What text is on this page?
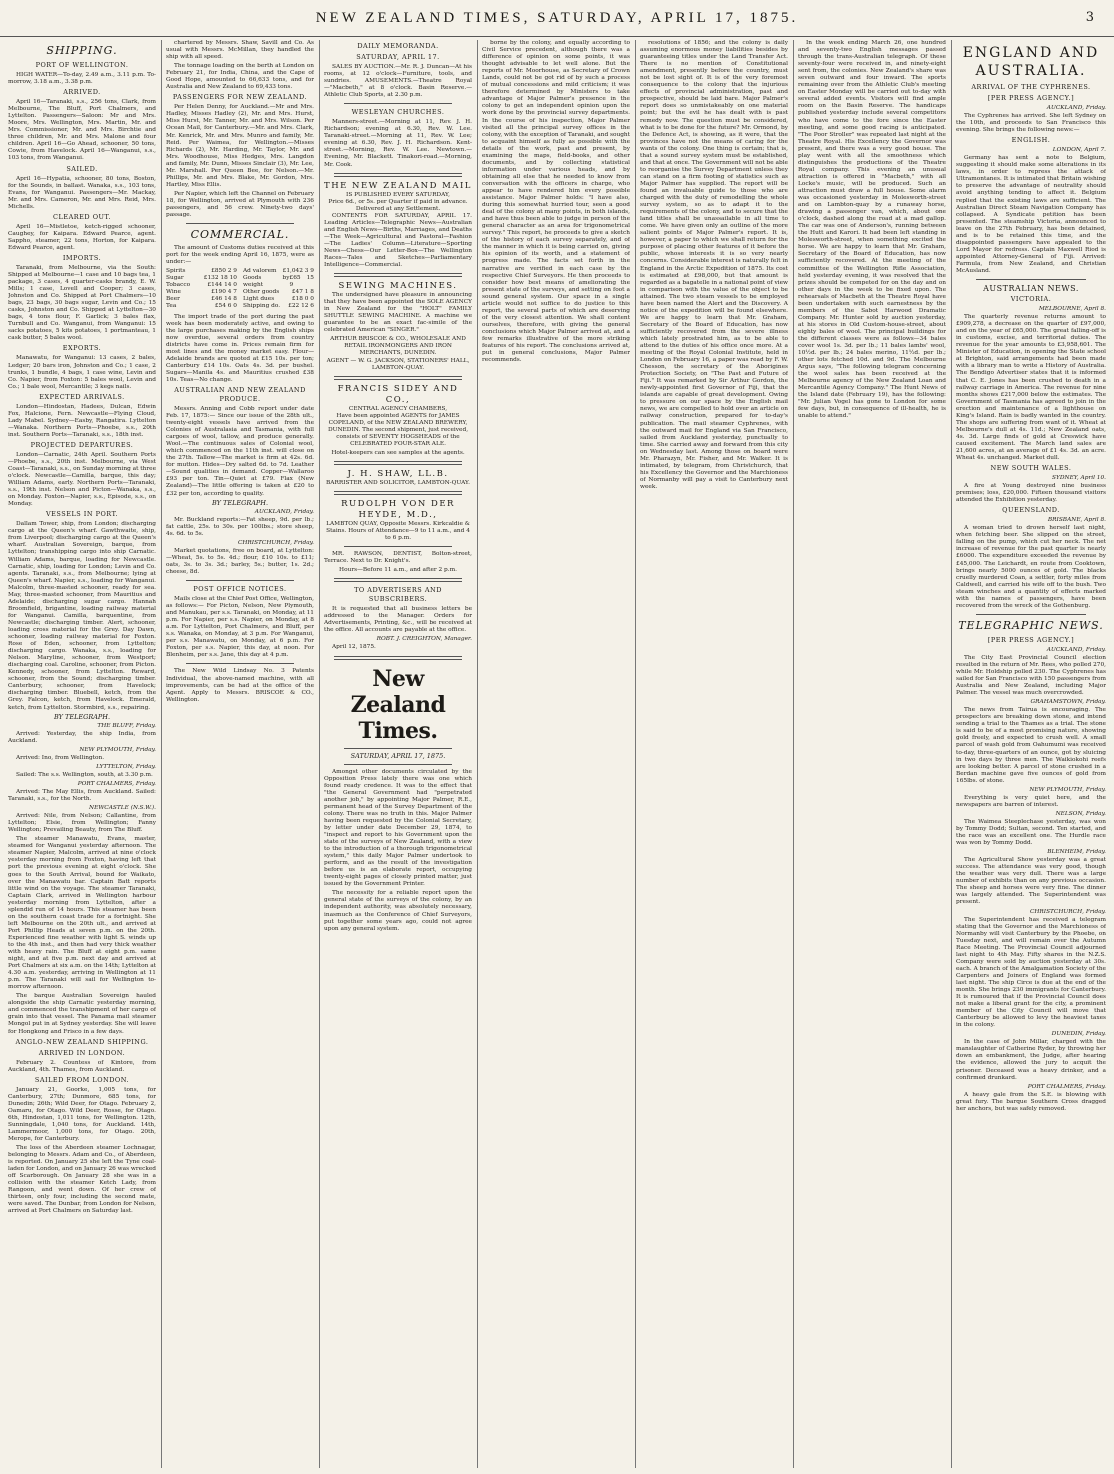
NEW ZEALAND TIMES, SATURDAY, APRIL 17, 1875.	3
SHIPPING.
PORT OF WELLINGTON.

HIGH WATER—To-day, 2.49 a.m., 3.11 p.m. To-morrow, 3.18 a.m., 3.38 p.m.

ARRIVED.

April 16—Taranaki, s.s., 256 tons, Clark, from Melbourne, The Bluff, Port Chalmers, and Lyttelton. Passengers—Saloon: Mr and Mrs. Moore, Mrs. Wellington, Mrs. Martin, Mr. and Mrs. Commissioner, Mr. and Mrs. Birchtie and three children, Mr. and Mrs. Malone and four children. April 16—Go Ahead, schooner, 50 tons, Cowie, from Havelock. April 16—Wanganui, s.s., 103 tons, from Wanganui.

SAILED.

April 16—Hypatia, schooner, 80 tons, Boston, for the Sounds, in ballast. Wanaka, s.s., 103 tons, Evans, for Wanganui. Passengers—Mr. Mackay, Mr. and Mrs. Cameron, Mr. and Mrs. Reid, Mrs. Michells.

CLEARED OUT.

April 16—Mistletoe, ketch-rigged schooner, Caughey, for Kaipara. Edward Pearce, agent. Sappho, steamer, 22 tons, Horton, for Kaipara. Edward Pearce, agent.

IMPORTS.

Taranaki, from Melbourne, via the South: Shipped at Melbourne—1 case and 10 bags tea, 1 package, 3 cases, 4 quarter-casks brandy, E. W. Mills; 1 case, Lovell and Cooper; 3 cases, Johnston and Co. Shipped at Port Chalmers—10 bags, 23 bags, 30 bags sugar, Levin and Co.; 15 casks, Johnston and Co. Shipped at Lyttelton—30 bags, 4 tons flour, F. Garlick; 3 bales flax, Turnbull and Co. Wanganui, from Wanganui: 15 sacks potatoes, 5 kits potatoes, 1 portmanteau, 1 cask butter, 5 bales wool.

EXPORTS.

Manawatu, for Wanganui: 13 cases, 2 bales, Ledger; 20 bars iron, Johnston and Co.; 1 case, 2 trunks, 1 bundle, 4 bags, 1 case wine, Levin and Co. Napier, from Foxton: 5 bales wool, Levin and Co.; 1 bale wool, Mercantile; 3 kegs nails.

EXPECTED ARRIVALS.

London—Hindostan, Hadees, Dulcan, Edwin Fox, Halcione, Fern. Newcastle—Flying Cloud, Lady Mabel. Sydney—Easby, Rangatira. Lyttelton—Wanaka. Northern Ports—Phoebe, s.s., 20th inst. Southern Ports—Taranaki, s.s., 18th inst.

PROJECTED DEPARTURES.

London—Carnatic, 24th April. Southern Ports—Phoebe, s.s., 20th inst. Melbourne, via West Coast—Taranaki, s.s., on Sunday morning at three o'clock. Newcastle—Camilla, barque, this day; William Adams, early. Northern Ports—Taranaki, s.s., 19th inst. Nelson and Picton—Wanaka, s.s., on Monday. Foxton—Napier, s.s., Episode, s.s., on Monday.

VESSELS IN PORT.

Dallam Tower, ship, from London; discharging cargo at the Queen's wharf. Gawthwaite, ship, from Liverpool; discharging cargo at the Queen's wharf. Australian Sovereign, barque, from Lyttelton; transhipping cargo into ship Carnatic. William Adams, barque, loading for Newcastle. Carnatic, ship, loading for London; Levin and Co. agents. Taranaki, s.s., from Melbourne; lying at Queen's wharf. Napier, s.s., loading for Wanganui. Malcolm, three-masted schooner, ready for sea. May, three-masted schooner, from Mauritius and Adelaide; discharging sugar cargo. Hannah Broomfield, brigantine, loading railway material for Wanganui. Camilla, barquentine, from Newcastle; discharging timber. Alert, schooner, loading cross material for the Grey. Day Dawn, schooner, loading railway material for Foxton. Rose of Eden, schooner, from Lyttelton; discharging cargo. Wanaka, s.s., loading for Nelson. Maryline, schooner, from Westport; discharging coal. Caroline, schooner, from Picton. Kennedy, schooner, from Lyttelton. Reward, schooner, from the Sound; discharging timber. Canterbury, schooner, from Havelock; discharging timber. Bluebell, ketch, from the Grey. Falcon, ketch, from Havelock. Emerald, ketch, from Lyttelton. Stormbird, s.s., repairing.

BY TELEGRAPH.
THE BLUFF, Friday.

Arrived: Yesterday, the ship India, from Auckland.

NEW PLYMOUTH, Friday.

Arrived: Ino, from Wellington.

LYTTELTON, Friday.

Sailed: The s.s. Wellington, south, at 3.30 p.m.

PORT CHALMERS, Friday.

Arrived: The May Ellis, from Auckland. Sailed: Taranaki, s.s., for the North.

NEWCASTLE (N.S.W.).

Arrived: Nile, from Nelson; Callantine, from Lyttelton; Elsie, from Wellington; Fanny Wellington; Prevailing Beauty, from The Bluff.

The steamer Manawatu, Evans, master, steamed for Wanganui yesterday afternoon. The steamer Napier, Malcolm, arrived at nine o'clock yesterday morning from Foxton, having left that port the previous evening at eight o'clock. She goes to the South Arrival, bound for Waikato, over the Manawatu bar. Captain Batt reports little wind on the voyage. The steamer Taranaki, Captain Clark, arrived in Wellington harbour yesterday morning from Lyttelton, after a splendid run of 14 hours. This steamer has been on the southern coast trade for a fortnight. She left Melbourne on the 20th ult., and arrived at Port Phillip Heads at seven p.m. on the 20th. Experienced fine weather with light S. winds up to the 4th inst., and then had very thick weather with heavy rain. The Bluff at eight p.m. same night, and at five p.m. next day and arrived at Port Chalmers at six a.m. on the 14th; Lyttelton at 4.30 a.m. yesterday, arriving in Wellington at 11 p.m. The Taranaki will sail for Wellington to-morrow afternoon.

The barque Australian Sovereign hauled alongside the ship Carnatic yesterday morning, and commenced the transhipment of her cargo of grain into that vessel. The Panama mail steamer Mongol put in at Sydney yesterday. She will leave for Hongkong and Frisco in a few days.

ANGLO-NEW ZEALAND SHIPPING.
ARRIVED IN LONDON.

February 2. Countess of Kintore, from Auckland, 4th. Thames, from Auckland.

SAILED FROM LONDON.

January 21, Goorke, 1,005 tons, for Canterbury, 27th; Dunmore, 685 tons, for Dunedin; 26th; Wild Deer, for Otago. February 2, Oamaru, for Otago. Wild Deer, Rosse, for Otago. 6th, Hindostan, 1,011 tons, for Wellington. 12th, Sunningdale, 1,040 tons, for Auckland. 14th, Lammermoor, 1,000 tons, for Otago. 20th, Merope, for Canterbury.

The loss of the Aberdeen steamer Lochnagar, belonging to Messrs. Adam and Co., of Aberdeen, is reported. On January 25 she left the Tyne coal-laden for London, and on January 26 was wrecked off Scarborough. On January 28 she was in a collision with the steamer Ketch Lady, from Rangoon, and went down. Of her crew of thirteen, only four, including the second mate, were saved. The Dunbar, from London for Nelson, arrived at Port Chalmers on Saturday last.

chartered by Messrs. Shaw, Savill and Co. As usual with Messrs. McMillan, they handled the ship with all speed.

The tonnage loading on the berth at London on February 21, for India, China, and the Cape of Good Hope, amounted to 66,633 tons, and for Australia and New Zealand to 69,433 tons.

PASSENGERS FOR NEW ZEALAND.

Per Helen Denny, for Auckland.—Mr and Mrs. Hadley, Misses Hadley (2), Mr. and Mrs. Hurst, Miss Hurst, Mr. Tanner, Mr. and Mrs. Wilson. Per Ocean Mail, for Canterbury.—Mr. and Mrs. Clark, Mr. Kenrick, Mr. and Mrs. Munro and family, Mr. Reid. Per Waimea, for Wellington.—Misses Richards (2), Mr. Harding, Mr. Taylor, Mr. and Mrs. Woodhouse, Miss Hedges, Mrs. Langdon and family, Mr. Dunn, Misses Sinclair (3), Mr. Lee, Mr. Marshall. Per Queen Bee, for Nelson.—Mr. Phillips, Mr. and Mrs. Blake, Mr. Gordon, Mrs. Hartley, Miss Ellis.

Per Napier, which left the Channel on February 18, for Wellington, arrived at Plymouth with 236 passengers, and 56 crew. Ninety-two days' passage.

COMMERCIAL.

The amount of Customs duties received at this port for the week ending April 16, 1875, were as under:—

Spirits	£850 2 9
Sugar	£132 18 10
Tobacco	£144 14 0
Wine	£190 4 7
Beer	£46 14 8
Tea	£54 6 0
Ad valorem £1,042 3 9
Goods by weight
£65 15 9
Other goods £47 1 8
Light dues	£18 0 0
Shipping do. £22 12 6

The import trade of the port during the past week has been moderately active, and owing to the large purchases making by the English ships now overdue, several orders from country districts have come in. Prices remain firm for most lines and the money market easy. Flour—Adelaide brands are quoted at £15 10s. per ton; Canterbury £14 10s. Oats 4s. 3d. per bushel. Sugars—Manila 4s. and Mauritius crushed £38 10s. Teas—No change.

AUSTRALIAN AND NEW ZEALAND PRODUCE.

Messrs. Anning and Cobb report under date Feb. 17, 1875:— Since our issue of the 28th ult., twenty-eight vessels have arrived from the Colonies of Australasia and Tasmania, with full cargoes of wool, tallow, and produce generally. Wool.—The continuous sales of Colonial wool, which commenced on the 11th inst. will close on the 27th. Tallow—The market is firm at 42s. 6d. for mutton. Hides—Dry salted 6d. to 7d. Leather—Sound qualities in demand. Copper—Wallaroo £93 per ton. Tin—Quiet at £79. Flax (New Zealand)—The little offering is taken at £20 to £32 per ton, according to quality.

BY TELEGRAPH.
AUCKLAND, Friday.

Mr. Buckland reports:—Fat sheep, 9d. per lb.; fat cattle, 25s. to 30s. per 100lbs.; store sheep, 4s. 6d. to 5s.

CHRISTCHURCH, Friday.

Market quotations, free on board, at Lyttelton:—Wheat, 5s. to 5s. 4d.; flour, £10 10s. to £11; oats, 3s. to 3s. 3d.; barley, 5s.; butter, 1s. 2d.; cheese, 8d.

POST OFFICE NOTICES.

Mails close at the Chief Post Office, Wellington, as follows:— For Picton, Nelson, New Plymouth, and Manukau, per s.s. Taranaki, on Monday, at 11 p.m. For Napier, per s.s. Napier, on Monday, at 8 a.m. For Lyttelton, Port Chalmers, and Bluff, per s.s. Wanaka, on Monday, at 3 p.m. For Wanganui, per s.s. Manawatu, on Monday, at 6 p.m. For Foxton, per s.s. Napier, this day, at noon. For Blenheim, per s.s. Jane, this day at 4 p.m.

The New Wild Lindsay No. 3 Patents Individual, the above-named machine, with all improvements, can be had at the office of the Agent. Apply to Messrs. BRISCOE & CO., Wellington.

DAILY MEMORANDA.
SATURDAY, APRIL 17.

SALES BY AUCTION.—Mr. R. J. Duncan—At his rooms, at 12 o'clock—Furniture, tools, and sundries. AMUSEMENTS.—Theatre Royal—"Macbeth," at 8 o'clock. Basin Reserve.—Athletic Club Sports, at 2.30 p.m.

WESLEYAN CHURCHES.

Manners-street.—Morning at 11, Rev. J. H. Richardson; evening at 6.30, Rev. W. Lee. Taranaki-street.—Morning at 11, Rev. W. Lee; evening at 6.30, Rev. J. H. Richardson. Kent-street.—Morning, Rev. W. Lee. Newtown.—Evening, Mr. Blackett. Tinakori-road.—Morning, Mr. Cook.

THE NEW ZEALAND MAIL
IS PUBLISHED EVERY SATURDAY,
Price 6d., or 5s. per Quarter if paid in advance.
Delivered at any Settlement.

CONTENTS FOR SATURDAY, APRIL 17. Leading Articles—Telegraphic News—Australian and English News—Births, Marriages, and Deaths—The Week—Agricultural and Pastoral—Fashion—The Ladies' Column—Literature—Sporting News—Chess—Our Letter-Box—The Wellington Races—Tales and Sketches—Parliamentary Intelligence—Commercial.

SEWING MACHINES.

The undersigned have pleasure in announcing that they have been appointed the SOLE AGENCY in New Zealand for the "HOLT" FAMILY SHUTTLE SEWING MACHINE. A machine we guarantee to be an exact fac-simile of the celebrated American "SINGER."

ARTHUR BRISCOE & CO., WHOLESALE AND RETAIL IRONMONGERS AND IRON MERCHANTS, DUNEDIN.
AGENT — W. G. JACKSON, STATIONERS' HALL, LAMBTON-QUAY.
FRANCIS SIDEY AND CO.,
CENTRAL AGENCY CHAMBERS,

Have been appointed AGENTS for JAMES COPELAND, of the NEW ZEALAND BREWERY, DUNEDIN. The second shipment, just received, consists of SEVENTY HOGSHEADS of the CELEBRATED FOUR-STAR ALE.

Hotel-keepers can see samples at the agents.
J. H. SHAW, LL.B.
BARRISTER AND SOLICITOR, LAMBTON-QUAY.
RUDOLPH VON DER HEYDE, M.D.,
LAMBTON QUAY, Opposite Messrs. Kirkcaldie & Stains. Hours of Attendance—9 to 11 a.m., and 4 to 6 p.m.

MR. RAWSON, DENTIST, Bolton-street, Terrace. Next to Dr. Knight's.

Hours—Before 11 a.m., and after 2 p.m.
TO ADVERTISERS AND SUBSCRIBERS.

It is requested that all business letters be addressed to the Manager. Orders for Advertisements, Printing, &c., will be received at the office. All accounts are payable at the office.

ROBT. J. CREIGHTON, Manager.

April 12, 1875.

New Zealand Times.
SATURDAY, APRIL 17, 1875.

Amongst other documents circulated by the Opposition Press lately there was one which found ready credence. It was to the effect that "the General Government had "perpetrated another job," by appointing Major Palmer, R.E., permanent head of the Survey Department of the colony. There was no truth in this. Major Palmer having been requested by the Colonial Secretary, by letter under date December 29, 1874, to "inspect and report to his Government upon the state of the surveys of New Zealand, with a view to the introduction of a thorough trigonometrical system," this daily Major Palmer undertook to perform, and as the result of the investigation before us is an elaborate report, occupying twenty-eight pages of closely printed matter, just issued by the Government Printer.

The necessity for a reliable report upon the general state of the surveys of the colony, by an independent authority, was absolutely necessary, inasmuch as the Conference of Chief Surveyors, put together some years ago, could not agree upon any general system.

borne by the colony, and equally according to Civil Service precedent, although there was a difference of opinion on some points, it was thought advisable to let well alone. But the reports of Mr. Moorhouse, as Secretary of Crown Lands, could not be got rid of by such a process of mutual concessions and mild criticism; it was therefore determined by Ministers to take advantage of Major Palmer's presence in the colony to get an independent opinion upon the work done by the provincial survey departments. In the course of his inspection, Major Palmer visited all the principal survey offices in the colony, with the exception of Taranaki, and sought to acquaint himself as fully as possible with the details of the work, past and present, by examining the maps, field-books, and other documents, and by collecting statistical information under various heads, and by obtaining all else that he needed to know from conversation with the officers in charge, who appear to have rendered him every possible assistance. Major Palmer holds: "I have also, during this somewhat hurried tour, seen a good deal of the colony at many points, in both islands, and have thus been able to judge in person of the general character as an area for trigonometrical survey." This report, he proceeds to give a sketch of the history of each survey separately, and of the manner in which it is being carried on, giving his opinion of its worth, and a statement of progress made. The facts set forth in the narrative are verified in each case by the respective Chief Surveyors. He then proceeds to consider how best means of ameliorating the present state of the surveys, and setting on foot a sound general system. Our space in a single article would not suffice to do justice to this report, the several parts of which are deserving of the very closest attention. We shall content ourselves, therefore, with giving the general conclusions which Major Palmer arrived at, and a few remarks illustrative of the more striking features of his report. The conclusions arrived at, put in general conclusions, Major Palmer recommends.

resolutions of 1856; and the colony is daily assuming enormous money liabilities besides by guaranteeing titles under the Land Transfer Act. There is no mention of Constitutional amendment, presently before the country, must not be lost sight of. It is of the very foremost consequence to the colony that the injurious effects of provincial administration, past and prospective, should be laid bare. Major Palmer's report does so unmistakeably on one material point; but the evil he has dealt with is past remedy now. The question must be considered, what is to be done for the future? Mr. Ormond, by the Defence Act, is showing, as it were, that the provinces have not the means of caring for the wants of the colony. One thing is certain; that is, that a sound survey system must be established, and that at once. The Government will not be able to reorganise the Survey Department unless they can stand on a firm footing of statistics such as Major Palmer has supplied. The report will be found an invaluable guide to those who are charged with the duty of remodelling the whole survey system, so as to adapt it to the requirements of the colony, and to secure that the land titles shall be unassailable in all time to come. We have given only an outline of the more salient points of Major Palmer's report. It is, however, a paper to which we shall return for the purpose of placing other features of it before the public, whose interests it is so very nearly concerns. Considerable interest is naturally felt in England in the Arctic Expedition of 1875. Its cost is estimated at £98,000, but that amount is regarded as a bagatelle in a national point of view in comparison with the value of the object to be attained. The two steam vessels to be employed have been named the Alert and the Discovery. A notice of the expedition will be found elsewhere. We are happy to learn that Mr. Graham, Secretary of the Board of Education, has now sufficiently recovered from the severe illness which lately prostrated him, as to be able to attend to the duties of his office once more. At a meeting of the Royal Colonial Institute, held in London on February 16, a paper was read by F. W. Chesson, the secretary of the Aborigines Protection Society, on "The Past and Future of Fiji." It was remarked by Sir Arthur Gordon, the newly-appointed first Governor of Fiji, that the islands are capable of great development. Owing to pressure on our space by the English mail news, we are compelled to hold over an article on railway construction, prepared for to-day's publication. The mail steamer Cyphrenes, with the outward mail for England via San Francisco, sailed from Auckland yesterday, punctually to time. She carried away and forward from this city on Wednesday last. Among those on board were Mr. Pharazyn, Mr. Fisher, and Mr. Walker. It is intimated, by telegram, from Christchurch, that his Excellency the Governor and the Marchioness of Normanby will pay a visit to Canterbury next week.

In the week ending March 26, one hundred and seventy-two English messages passed through the trans-Australian telegraph. Of these seventy-four were received in, and ninety-eight sent from, the colonies. New Zealand's share was seven outward and four inward. The sports remaining over from the Athletic Club's meeting on Easter Monday will be carried out to-day with several added events. Visitors will find ample room on the Basin Reserve. The handicaps published yesterday include several competitors who have come to the fore since the Easter meeting, and some good racing is anticipated. "The Poor Stroller" was repeated last night at the Theatre Royal. His Excellency the Governor was present, and there was a very good house. The play went with all the smoothness which distinguishes the productions of the Theatre Royal company. This evening an unusual attraction is offered in "Macbeth," with all Locke's music, will be produced. Such an attraction must draw a full house. Some alarm was occasioned yesterday in Molesworth-street and on Lambton-quay by a runaway horse, drawing a passenger van, which, about one o'clock, dashed along the road at a mad gallop. The car was one of Anderson's, running between the Hutt and Karori. It had been left standing in Molesworth-street, when something excited the horse. We are happy to learn that Mr. Graham, Secretary of the Board of Education, has now sufficiently recovered. At the meeting of the committee of the Wellington Rifle Association, held yesterday evening, it was resolved that the prizes should be competed for on the day and on other days in the week to be fixed upon. The rehearsals of Macbeth at the Theatre Royal have been undertaken with such earnestness by the members of the Sabot Harwood Dramatic Company. Mr. Hunter sold by auction yesterday, at his stores in Old Custom-house-street, about eighty bales of wool. The principal buildings for the different classes were as follows—34 bales cover wool 1s. 3d. per lb.; 11 bales lambs' wool, 10½d. per lb.; 24 bales merino, 11½d. per lb.; other lots fetched 10d. and 9d. The Melbourne Argus says, "The following telegram concerning the wool sales has been received at the Melbourne agency of the New Zealand Loan and Mercantile Agency Company." The Hunt News of the Island date (February 19), has the following: "Mr. Julian Vogel has gone to London for some few days, but, in consequence of ill-health, he is unable to attend."

ENGLAND AND AUSTRALIA.
ARRIVAL OF THE CYPHRENES.
[PER PRESS AGENCY.]
AUCKLAND, Friday.

The Cyphrenes has arrived. She left Sydney on the 10th, and proceeds to San Francisco this evening. She brings the following news:—

ENGLISH.
LONDON, April 7.

Germany has sent a note to Belgium, suggesting it should make some alterations in its laws, in order to repress the attack of Ultramontanes. It is intimated that Britain wishing to preserve the advantage of neutrality should avoid anything tending to affect it. Belgium replied that the existing laws are sufficient. The Australian Direct Steam Navigation Company has collapsed. A Syndicate petition has been presented. The steamship Victoria, announced to leave on the 27th February, has been detained, and is to be retained this time, and the disappointed passengers have appealed to the Lord Mayor for redress. Captain Maxwell Riod is appointed Attorney-General of Fiji. Arrived: Farmula, from New Zealand, and Christian McAusland.

AUSTRALIAN NEWS.
VICTORIA.
MELBOURNE, April 8.

The quarterly revenue returns amount to £909,278, a decrease on the quarter of £97,000, and on the year of £65,000. The great falling-off is in customs, excise, and territorial duties. The revenue for the year amounts to £3,958,601. The Minister of Education, in opening the State school at Brighton, said arrangements had been made with a library man to write a History of Australia. The Bendigo Advertiser states that it is informed that C. E. Jones has been crushed to death in a railway carriage in America. The revenue for nine months shows £217,000 below the estimates. The Government of Tasmania has agreed to join in the erection and maintenance of a lighthouse on King's Island. Rain is badly wanted in the country. The shops are suffering from want of it. Wheat at Melbourne's dull at 4s. 11d.; New Zealand oats, 4s. 3d. Large finds of gold at Creswick have caused excitement. The March land sales are 21,600 acres, at an average of £1 4s. 3d. an acre. Wheat 4s. unchanged. Market dull.

NEW SOUTH WALES.
SYDNEY, April 10.

A fire at Young destroyed nine business premises; loss, £20,000. Fifteen thousand visitors attended the Exhibition yesterday.

QUEENSLAND.
BRISBANE, April 8.

A woman tried to drown herself last night, when fetching beer. She slipped on the street, falling on the pump, which cut her neck. The net increase of revenue for the past quarter is nearly £6000. The expenditure exceeded the revenue by £45,000. The Leichardt, en route from Cooktown, brings nearly 5000 ounces of gold. The blacks cruelly murdered Coan, a settler, forty miles from Caldwell, and carried his wife off to the bush. Two steam winches and a quantity of effects marked with the names of passengers, have been recovered from the wreck of the Gothenburg.

TELEGRAPHIC NEWS.
[PER PRESS AGENCY.]
AUCKLAND, Friday.

The City East Provincial Council election resulted in the return of Mr. Rees, who polled 270, while Mr. Holdship polled 230. The Cyphrenes has sailed for San Francisco with 150 passengers from Australia and New Zealand, including Major Palmer. The vessel was much overcrowded.

GRAHAMSTOWN, Friday.

The news from Tairua is encouraging. The prospectors are breaking down stone, and intend sending a trial to the Thames as a trial. The stone is said to be of a most promising nature, showing gold freely, and expected to crush well. A small parcel of wash gold from Oahumumi was received to-day, three-quarters of an ounce, got by sluicing in two days by three men. The Waikiokohi reefs are looking better. A parcel of stone crushed in a Berdan machine gave five ounces of gold from 165lbs. of stone.

NEW PLYMOUTH, Friday.

Everything is very quiet here, and the newspapers are barren of interest.

NELSON, Friday.

The Waimea Steeplechase yesterday, was won by Tommy Dodd; Sultan, second. Ten started, and the race was an excellent one. The Hurdle race was won by Tommy Dodd.

BLENHEIM, Friday.

The Agricultural Show yesterday was a great success. The attendance was very good, though the weather was very dull. There was a large number of exhibits than on any previous occasion. The sheep and horses were very fine. The dinner was largely attended. The Superintendent was present.

CHRISTCHURCH, Friday.

The Superintendent has received a telegram stating that the Governor and the Marchioness of Normanby will visit Canterbury by the Phoebe, on Tuesday next, and will remain over the Autumn Race Meeting. The Provincial Council adjourned last night to 4th May. Fifty shares in the N.Z.S. Company were sold by auction yesterday at 30s. each. A branch of the Amalgamation Society of the Carpenters and Joiners of England was formed last night. The ship Circe is due at the end of the month. She brings 230 immigrants for Canterbury. It is rumoured that if the Provincial Council does not make a liberal grant for the city, a prominent member of the City Council will move that Canterbury be allowed to levy the heaviest taxes in the colony.

DUNEDIN, Friday.

In the case of John Millar, charged with the manslaughter of Catherine Ryder, by throwing her down an embankment, the Judge, after hearing the evidence, allowed the jury to acquit the prisoner. Deceased was a heavy drinker, and a confirmed drunkard.

PORT CHALMERS, Friday.

A heavy gale from the S.E. is blowing with great fury. The barque Southern Cross dragged her anchors, but was safely removed.
